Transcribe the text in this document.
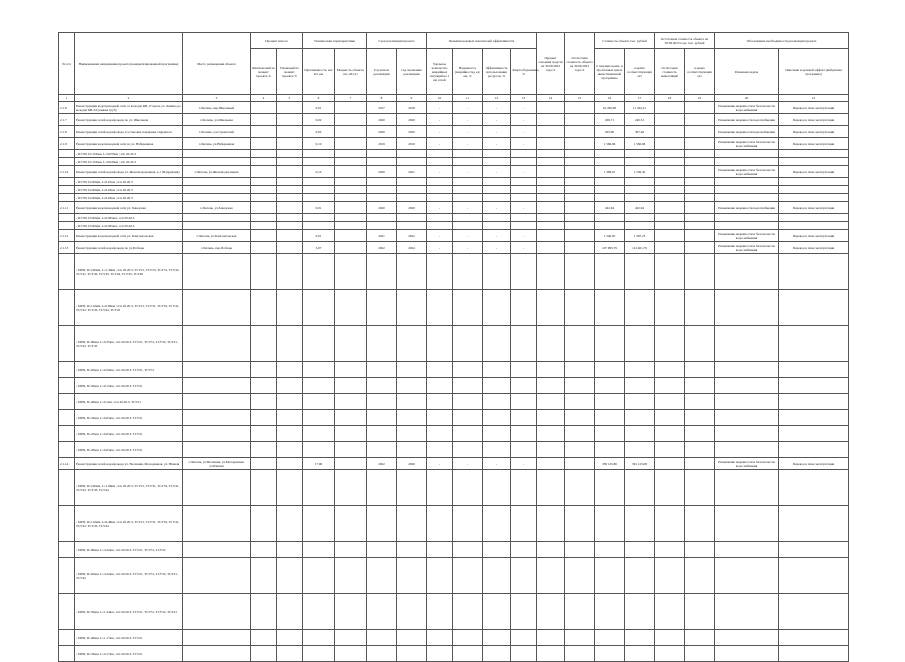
№ п/п	Наименование направления проекта (конкретизированной программы)	Место размещения объекта	Процент износа		Технические характеристики		Срок реализации проекта		Значения целевых показателей эффективности				Процент освоения средств на 30.09.2023 года,%	Остаточная стоимость объекта на 30.09.2023 года,%	Стоимость объекта тыс. рублей		Остаточная стоимость объекта на 30.09.2023 года, тыс. рублей		Обоснование необходимости реализации проекта	
			Фактический на момент проекта,%	Плановый на момент проекта,%	Протяженность, км/м3, км	Мощность объекта, шт, м3/сут	Год начала реализации	Год окончания реализации	Удельное количество аварийных ситуаций на 1 км сетей	Надежность (аварийность), ед/км, %	Эффективность использования ресурсов, %	Энергосбережение, %			в текущих ценах, в прогнозных ценах инвестиционной программы	в ценах соответствующих лет	Остаточная стоимость инвестиций	в ценах соответствующих лет	Решаемая задача	Описание и целевой эффект (выбранная программа)
1	2	3	4	5	6	7	8	9	10	11	12	13	14	15	16	17	18	19	20	21
2.1.6	Реконструкция водопроводной сети от колодца КВ-17 вдоль ул. Ленина до колодца КВ-34 (замена труб)	г.Лютень, пер.Школьный			0,01		2017	2018	-	-	-	-			10 260,00	11 202,41			Повышение надежности и безопасности водоснабжения	Перевод в план эксплуатации
2.1.7	Реконструкция сетей водопровода по ул. Школьная	г.Лютень, ул.Школьная			0,02		2020	2020	-	-	-	-			206,71	240,51			Повышение надежности водоснабжения	Перевод в план эксплуатации
2.1.8	Реконструкция сетей водопровода и установка пожарных гидрантов	г.Лютень, ул.Строителей			0,02		2020	2020	-	-	-	-			293,00	307,49			Повышение надежности водоснабжения	Перевод в план эксплуатации
2.1.9	Реконструкция водопроводной сети по ул. Набережная	г.Лютень, ул.Набережная			0,10		2019	2019	-	-	-	-			1 566,96	1 566,96			Повышение надежности и безопасности водоснабжения	Перевод в план эксплуатации
	- ПЭ 80, D=110мм, L=0,055км ; п/п 20.20.3																			
	- ПЭ 80, D=110мм, L=0,045км ; п/п 20.20.3																			
2.1.10	Реконструкция сетей водопровода ул. Железнодорожная, д.1 (Подрядчик)	г.Лютень, ул.Железнодорожная			0,10		2020	2021	-	-	-	-			1 399,67	1 556,42			Повышение надежности и безопасности водоснабжения	Перевод в план эксплуатации
	- ПЭ 80, D=90мм, L=0,07км ; п/п 20.20.3																			
	- ПЭ 80, D=60мм, L=0,03км ; п/п 20.20.3																			
	- ПЭ 80, D=60мм, L=0,03км ; п/п 20.20.3																			
2.1.11	Реконструкция водопроводной сети ул. Заводская	г.Лютень, ул.Заводская			0,01		2020	2020	-	-	-	-			422,94	422,94			Повышение надежности водоснабжения	Перевод в план эксплуатации
	- ПЭ 80, D=90мм, L=0,005км ; п/п 20.20.3																			
	- ПЭ 80, D=90мм, L=0,005км ; п/п 20.20.3																			
2.1.12	Реконструкция водопроводной сети ул. Комсомольская	г.Лютень, ул.Комсомольская			0,01		2021	2022	-	-	-	-			1 540,95	1 587,23			Повышение надежности и безопасности водоснабжения	Перевод в план эксплуатации
2.1.13	Реконструкция сетей водопровода по ул.Победы	г.Лютень, пер.Победы			3,07		2022	2024	-	-	-	-			107 995,79	112 461,79			Повышение надежности и безопасности водоснабжения	Перевод в план эксплуатации
	- МРП, D=160мм, L=1,39км ; п/п 20.20.3, ТСУ21, ТСУ23, ТСУ31, ТСУ32, ТСУ41, ТСУ42, ТСУ43, ТСУ44, ТСУ45, ТСУ46																			
	- МРП, D=110мм, L=0,69км ; п/п 20.20.3, ТСУ21, ТСУ31, ТСУ32, ТСУ41, ТСУ42, ТСУ43, ТСУ44, ТСУ45																			
	- МРП, D=90мм, L=0,35км ; п/п 20.20.3, ТСУ21, ТСУ31, ТСУ32, ТСУ41, ТСУ42, ТСУ43																			
	- МРП, D=63мм, L=0,29км ; п/п 20.20.3, ТСУ21, ТСУ31																			
	- МРП, D=50мм, L=0,15км ; п/п 20.20.3, ТСУ21																			
	- МРП, D=40мм, L=0,1км ; п/п 20.20.3, ТСУ21																			
	- МРП, D=32мм, L=0,05км ; п/п 20.20.3, ТСУ21																			
	- МРП, D=25мм, L=0,05км ; п/п 20.20.3, ТСУ21																			
	- МРП, D=20мм, L=0,05км ; п/п 20.20.3, ТСУ21																			
2.1.14	Реконструкция сетей водопровода ул. Весенняя, Молодежная, ул. Южная	г.Лютень, ул.Весенняя, ул.Молодежная, ул.Южная			17,96		2022	2026	-	-	-	-			358 125,86	391 123,08			Повышение надежности и безопасности водоснабжения	Перевод в план эксплуатации
	- МРП, D=160мм, L=1,96км ; п/п 20.20.3, ТСУ21, ТСУ31, ТСУ32, ТСУ41, ТСУ42, ТСУ43, ТСУ44																			
	- МРП, D=110мм, L=6,48км ; п/п 20.20.3, ТСУ21, ТСУ31, ТСУ32, ТСУ41, ТСУ42, ТСУ43, ТСУ44																			
	- МРП, D=90мм, L=3,42км ; п/п 20.20.3, ТСУ21, ТСУ31, ТСУ32																			
	- МРП, D=63мм, L=3,42км ; п/п 20.20.3, ТСУ21, ТСУ31, ТСУ32, ТСУ41, ТСУ42																			
	- МРП, D=50мм, L=1,34км ; п/п 20.20.3, ТСУ21, ТСУ31, ТСУ32, ТСУ41																			
	- МРП, D=40мм, L=1,17км ; п/п 20.20.3, ТСУ21																			
	- МРП, D=32мм, L=0,17км ; п/п 20.20.3, ТСУ21																			
